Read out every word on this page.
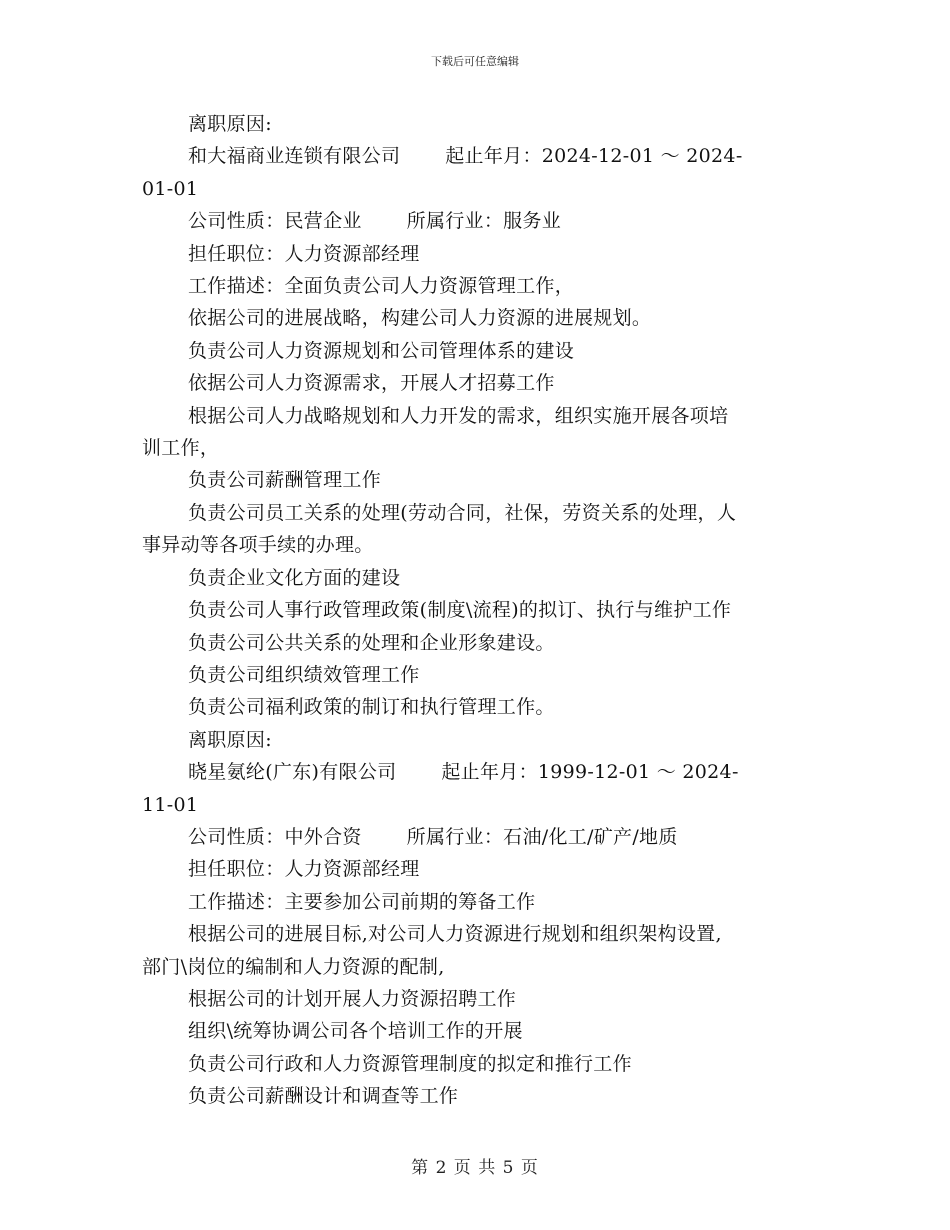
下载后可任意编辑
离职原因:
和大福商业连锁有限公司　　 起止年月：2024-12-01 ～ 2024-
01-01
公司性质：民营企业　　 所属行业：服务业
担任职位：人力资源部经理
工作描述：全面负责公司人力资源管理工作，
依据公司的进展战略，构建公司人力资源的进展规划。
负责公司人力资源规划和公司管理体系的建设
依据公司人力资源需求，开展人才招募工作
根据公司人力战略规划和人力开发的需求，组织实施开展各项培
训工作，
负责公司薪酬管理工作
负责公司员工关系的处理(劳动合同，社保，劳资关系的处理，人
事异动等各项手续的办理。
负责企业文化方面的建设
负责公司人事行政管理政策(制度\流程)的拟订、执行与维护工作
负责公司公共关系的处理和企业形象建设。
负责公司组织绩效管理工作
负责公司福利政策的制订和执行管理工作。
离职原因:
晓星氨纶(广东)有限公司　　 起止年月：1999-12-01 ～ 2024-
11-01
公司性质：中外合资　　 所属行业：石油/化工/矿产/地质
担任职位：人力资源部经理
工作描述：主要参加公司前期的筹备工作
根据公司的进展目标,对公司人力资源进行规划和组织架构设置,
部门\岗位的编制和人力资源的配制,
根据公司的计划开展人力资源招聘工作
组织\统筹协调公司各个培训工作的开展
负责公司行政和人力资源管理制度的拟定和推行工作
负责公司薪酬设计和调查等工作
第 2 页 共 5 页
